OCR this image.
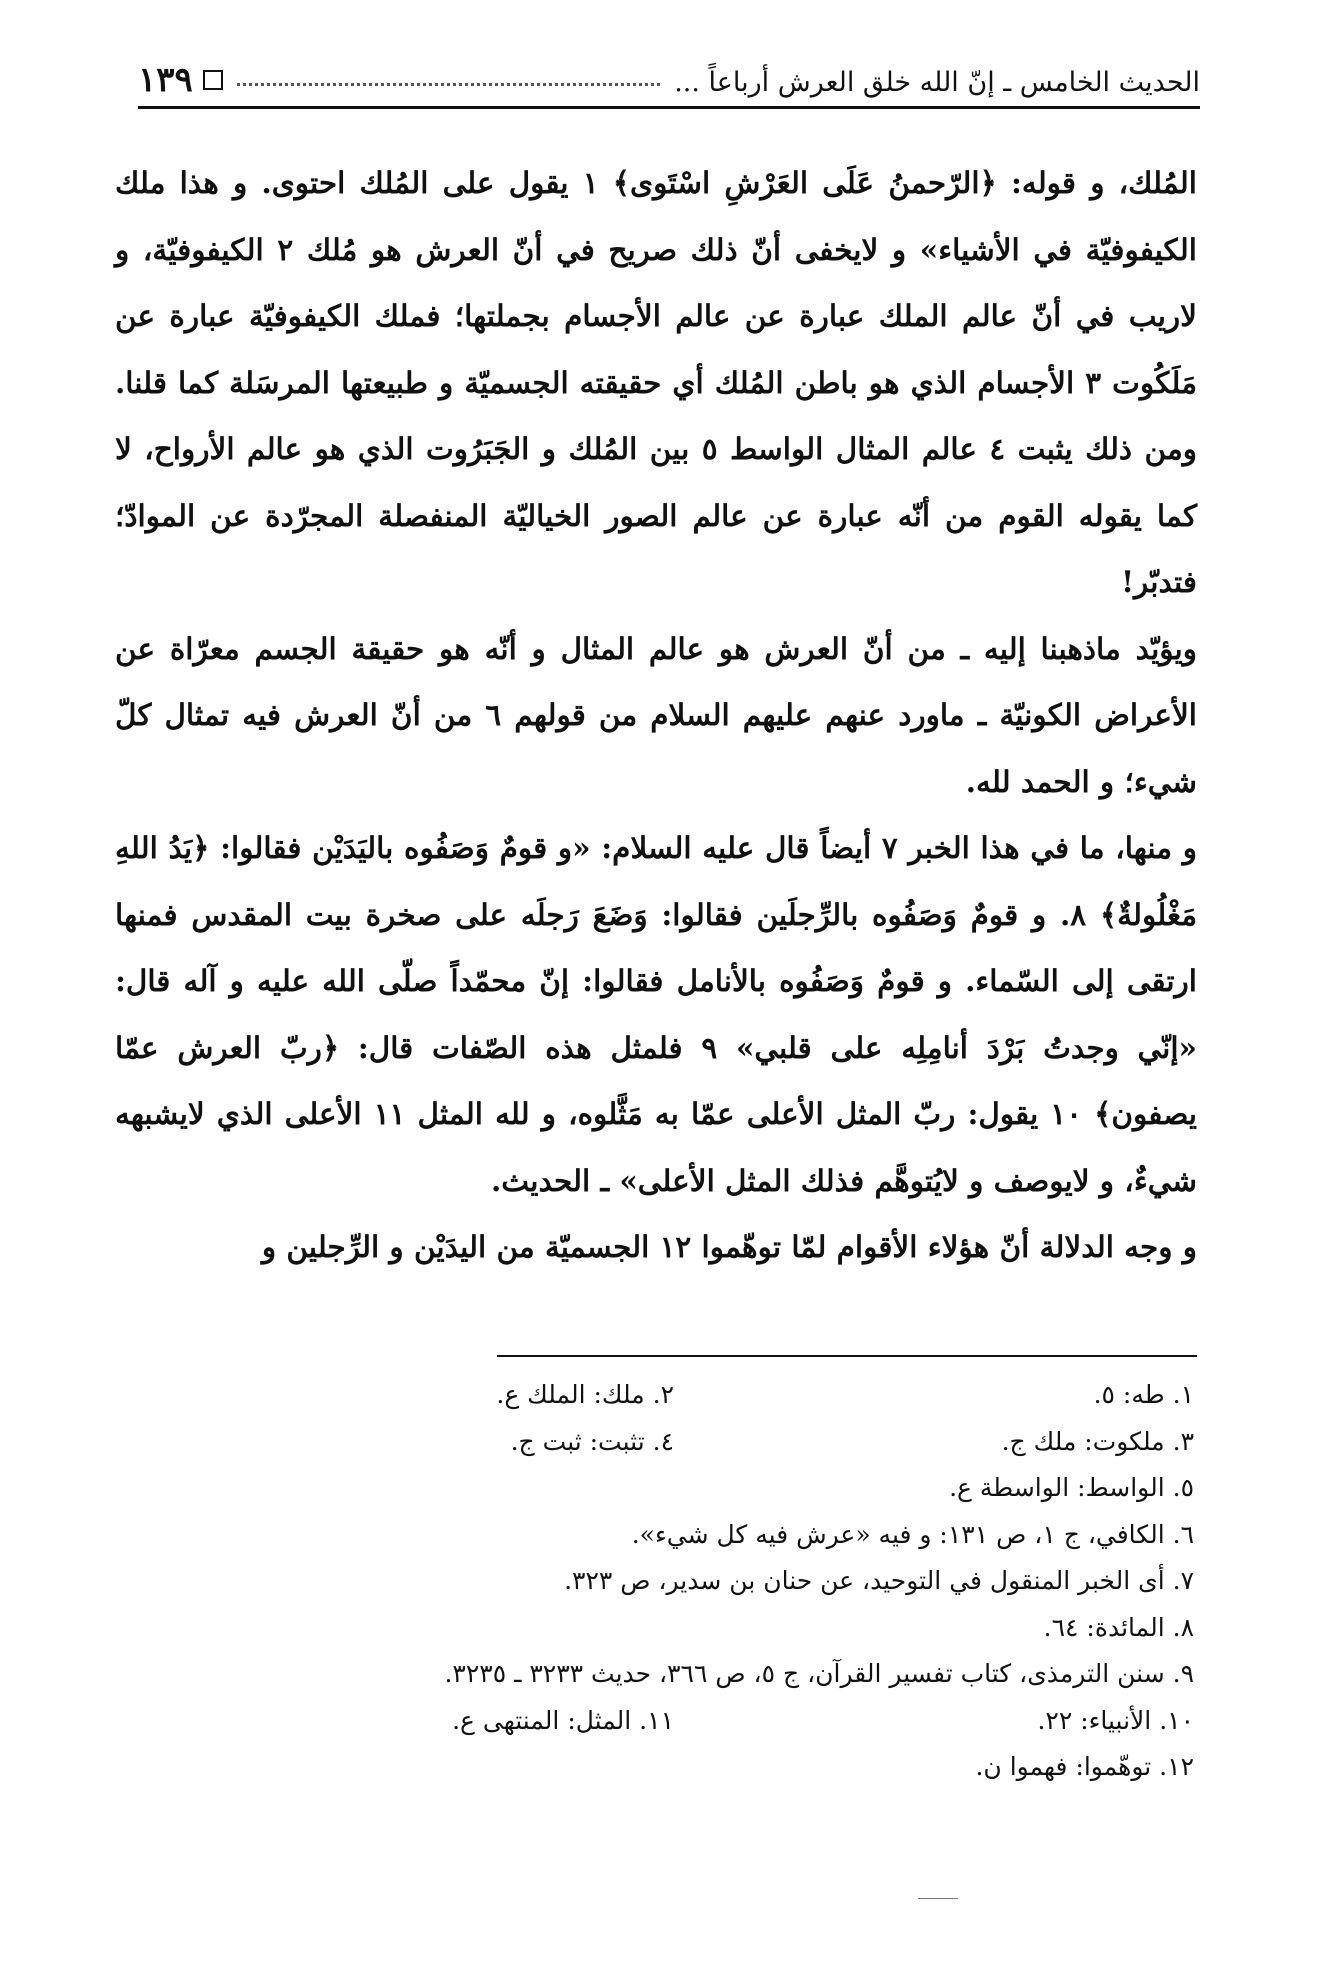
الحديث الخامس ـ إنّ الله خلق العرش أرباعاً ...
١٣٩

المُلك، و قوله: ﴿الرّحمنُ عَلَى العَرْشِ اسْتَوى﴾ ١ يقول على المُلك احتوى. و هذا ملك الكيفوفيّة في الأشياء» و لايخفى أنّ ذلك صريح في أنّ العرش هو مُلك ٢ الكيفوفيّة، و لاريب في أنّ عالم الملك عبارة عن عالم الأجسام بجملتها؛ فملك الكيفوفيّة عبارة عن مَلَكُوت ٣ الأجسام الذي هو باطن المُلك أي حقيقته الجسميّة و طبيعتها المرسَلة كما قلنا. ومن ذلك يثبت ٤ عالم المثال الواسط ٥ بين المُلك و الجَبَرُوت الذي هو عالم الأرواح، لا كما يقوله القوم من أنّه عبارة عن عالم الصور الخياليّة المنفصلة المجرّدة عن الموادّ؛ فتدبّر!

ويؤيّد ماذهبنا إليه ـ من أنّ العرش هو عالم المثال و أنّه هو حقيقة الجسم معرّاة عن الأعراض الكونيّة ـ ماورد عنهم عليهم السلام من قولهم ٦ من أنّ العرش فيه تمثال كلّ شيء؛ و الحمد لله.

و منها، ما في هذا الخبر ٧ أيضاً قال عليه السلام: «و قومٌ وَصَفُوه باليَدَيْن فقالوا: ﴿يَدُ اللهِ مَغْلُولةٌ﴾ ٨. و قومٌ وَصَفُوه بالرِّجلَين فقالوا: وَضَعَ رَجلَه على صخرة بيت المقدس فمنها ارتقى إلى السّماء. و قومٌ وَصَفُوه بالأنامل فقالوا: إنّ محمّداً صلّى الله عليه و آله قال: «إنّي وجدتُ بَرْدَ أنامِلِه على قلبي» ٩ فلمثل هذه الصّفات قال: ﴿ربّ العرش عمّا يصفون﴾ ١٠ يقول: ربّ المثل الأعلى عمّا به مَثَّلوه، و لله المثل ١١ الأعلى الذي لايشبهه شيءٌ، و لايوصف و لايُتوهَّم فذلك المثل الأعلى» ـ الحديث.

و وجه الدلالة أنّ هؤلاء الأقوام لمّا توهّموا ١٢ الجسميّة من اليدَيْن و الرِّجلين و

١. طه: ٥.
٢. ملك: الملك ع.
٣. ملكوت: ملك ج.
٤. تثبت: ثبت ج.
٥. الواسط: الواسطة ع.
٦. الكافي، ج ١، ص ١٣١: و فيه «عرش فيه كل شيء».
٧. أى الخبر المنقول في التوحيد، عن حنان بن سدير، ص ٣٢٣.
٨. المائدة: ٦٤.
٩. سنن الترمذى، كتاب تفسير القرآن، ج ٥، ص ٣٦٦، حديث ٣٢٣٣ ـ ٣٢٣٥.
١٠. الأنبياء: ٢٢.
١١. المثل: المنتهى ع.
١٢. توهّموا: فهموا ن.
